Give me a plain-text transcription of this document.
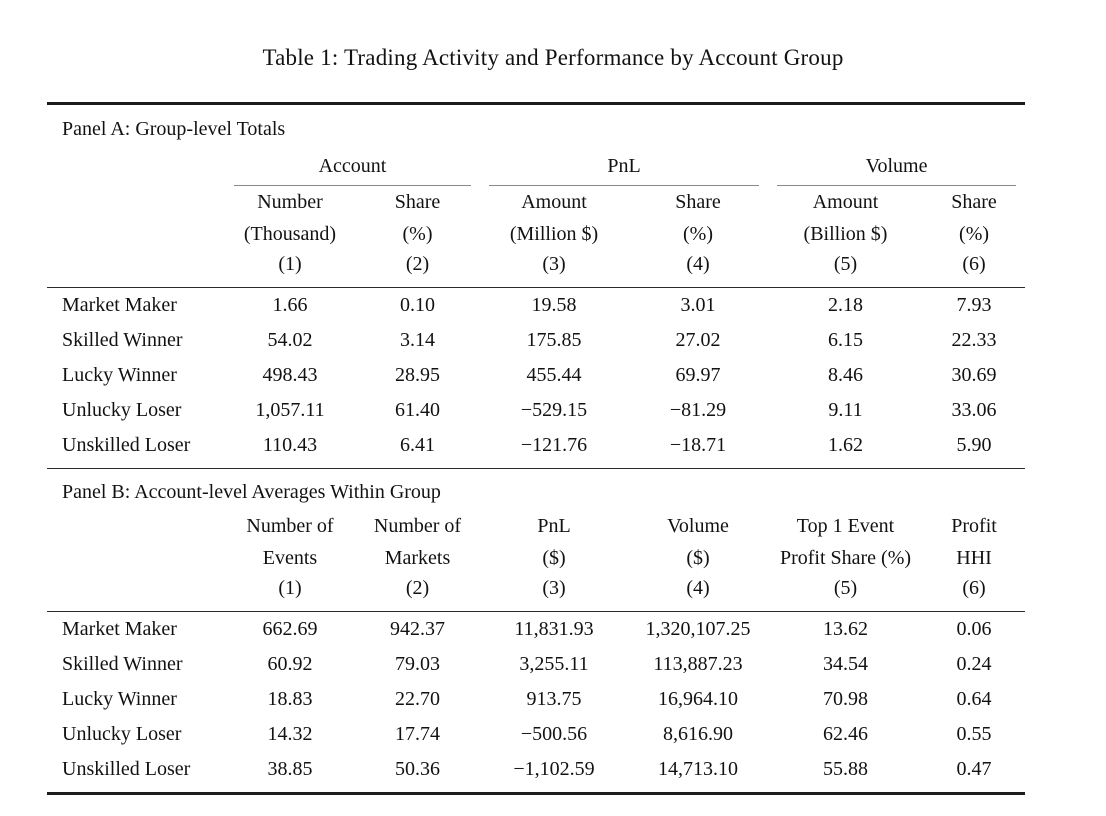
Table 1: Trading Activity and Performance by Account Group
Panel A: Group-level Totals						

	Account		PnL		Volume	

	Number	Share	Amount	Share	Amount	Share
	(Thousand)	(%)	(Million $)	(%)	(Billion $)	(%)
	(1)	(2)	(3)	(4)	(5)	(6)
Market Maker	1.66	0.10	19.58	3.01	2.18	7.93
Skilled Winner	54.02	3.14	175.85	27.02	6.15	22.33
Lucky Winner	498.43	28.95	455.44	69.97	8.46	30.69
Unlucky Loser	1,057.11	61.40	−529.15	−81.29	9.11	33.06
Unskilled Loser	110.43	6.41	−121.76	−18.71	1.62	5.90
Panel B: Account-level Averages Within Group						
	Number of	Number of	PnL	Volume	Top 1 Event	Profit
	Events	Markets	($)	($)	Profit Share (%)	HHI
	(1)	(2)	(3)	(4)	(5)	(6)
Market Maker	662.69	942.37	11,831.93	1,320,107.25	13.62	0.06
Skilled Winner	60.92	79.03	3,255.11	113,887.23	34.54	0.24
Lucky Winner	18.83	22.70	913.75	16,964.10	70.98	0.64
Unlucky Loser	14.32	17.74	−500.56	8,616.90	62.46	0.55
Unskilled Loser	38.85	50.36	−1,102.59	14,713.10	55.88	0.47
